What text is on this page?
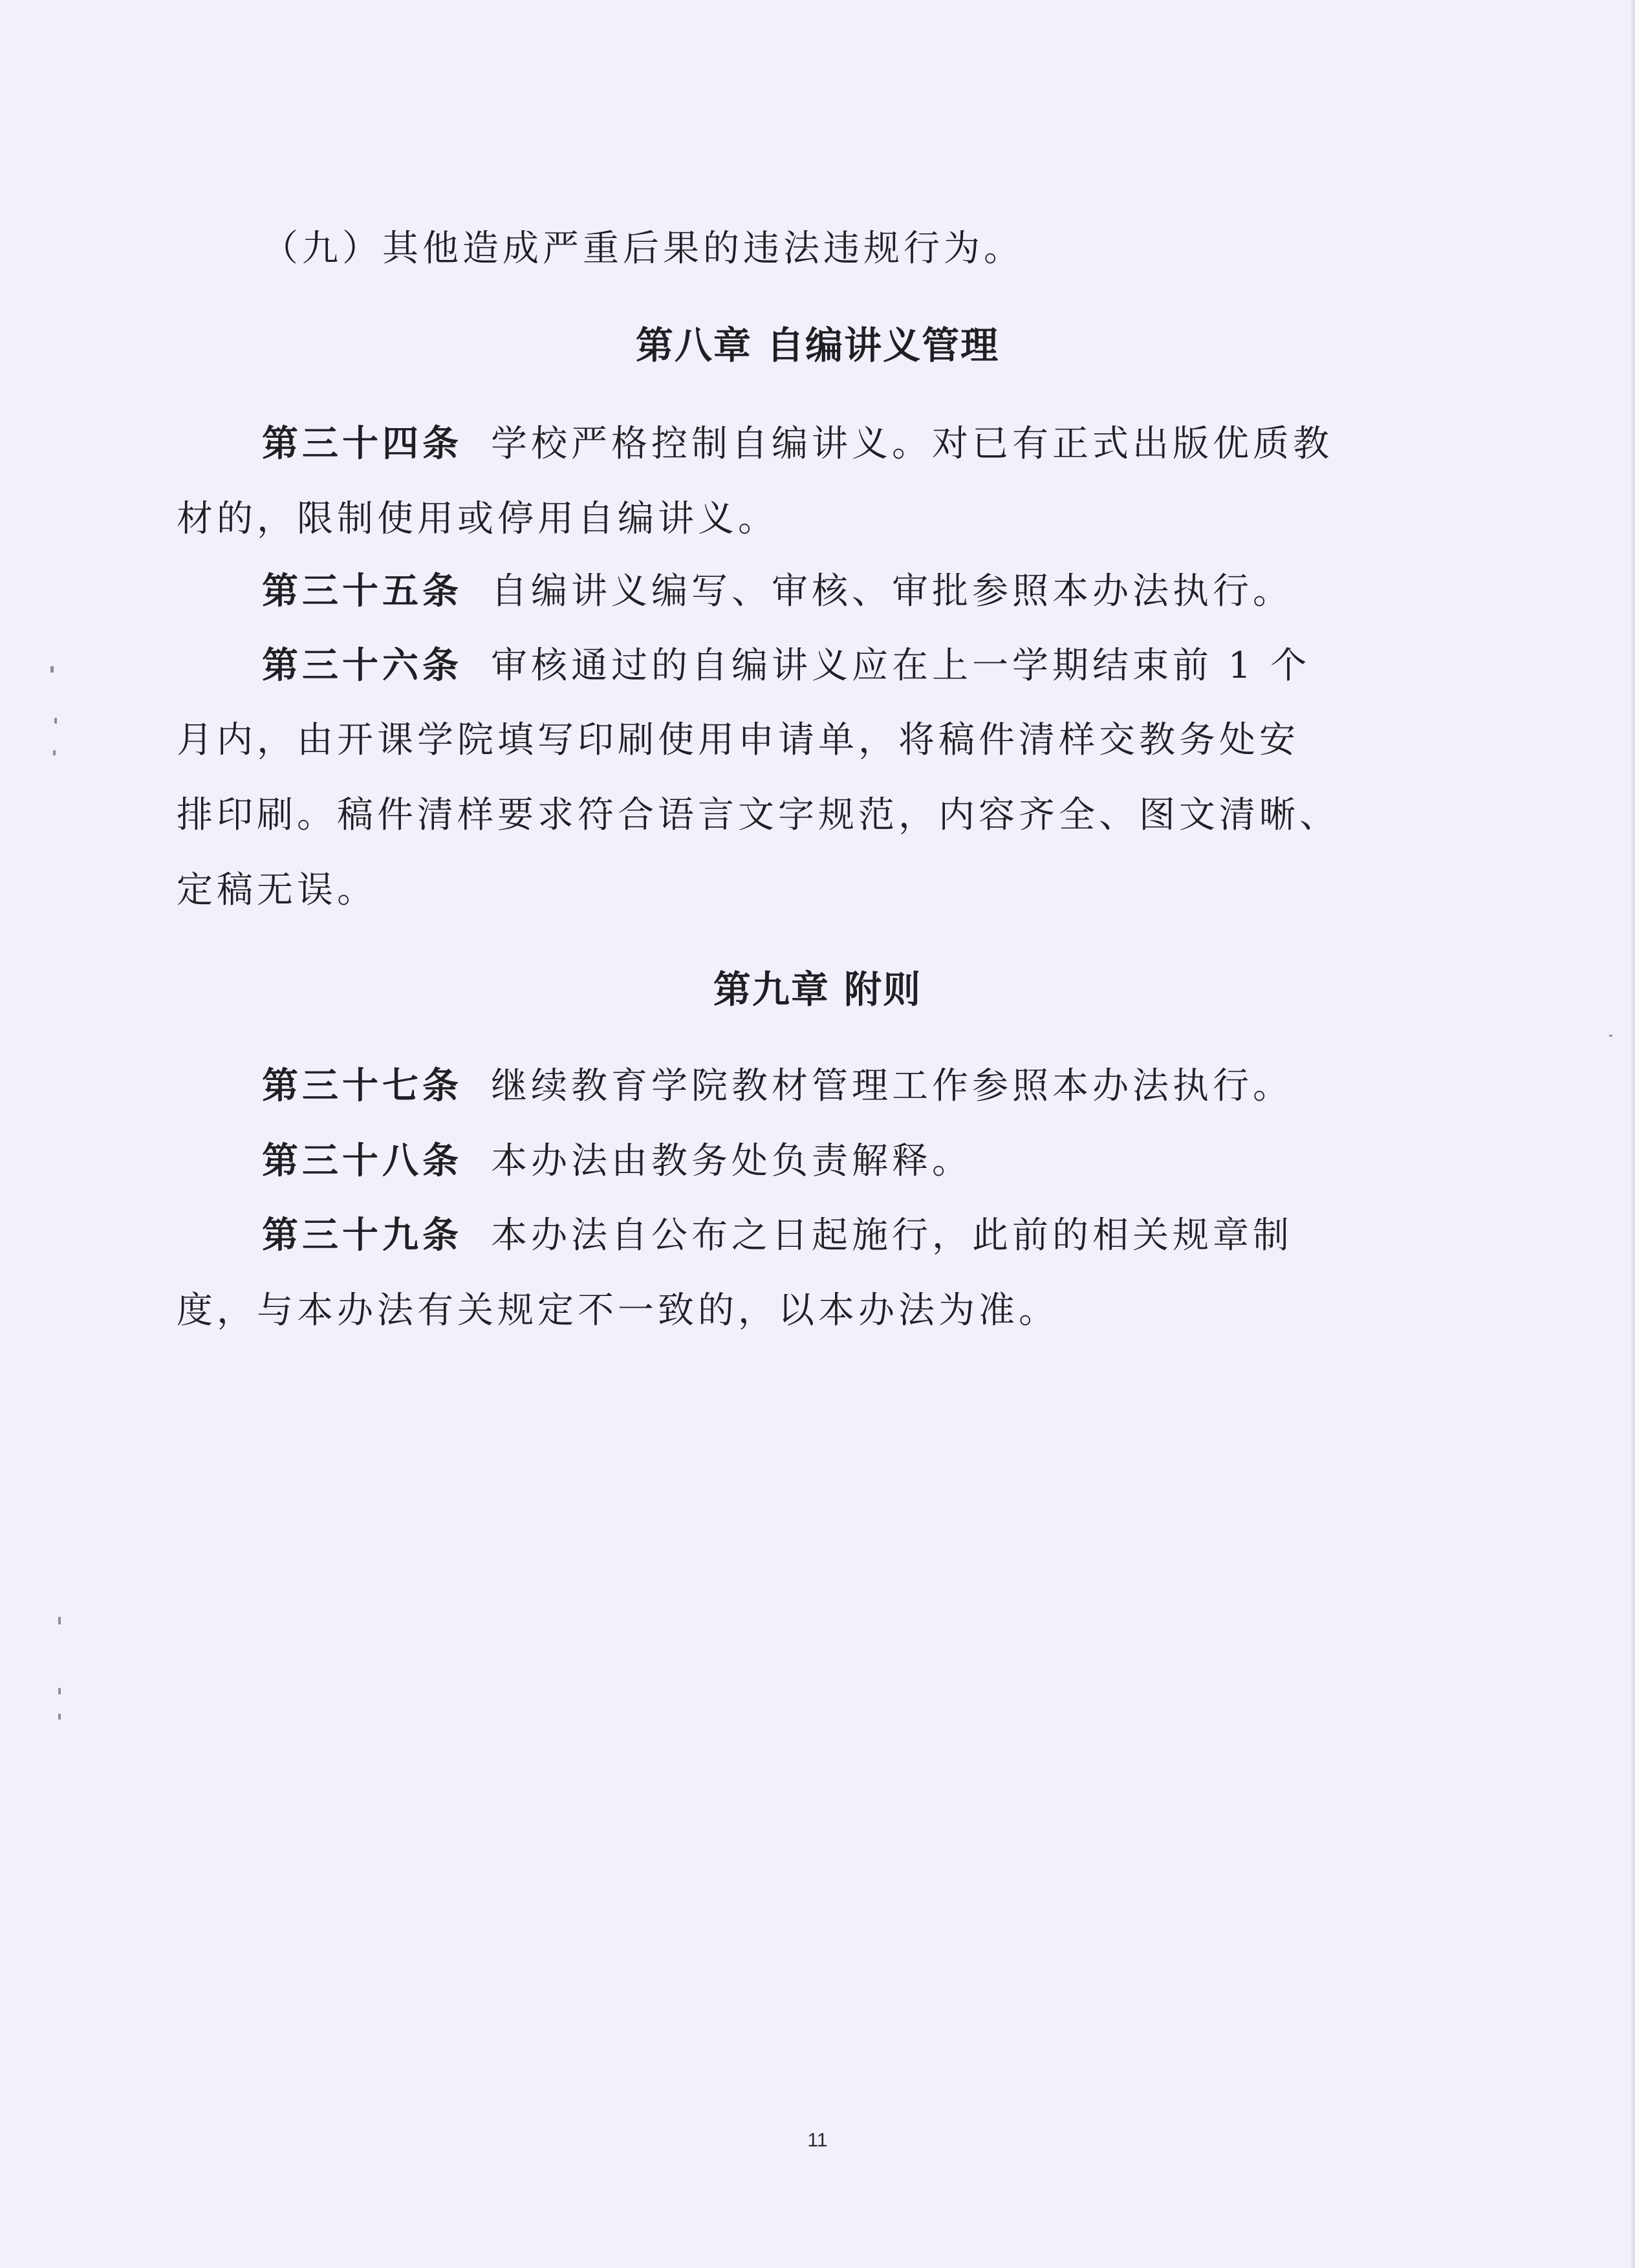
（九）其他造成严重后果的违法违规行为。
第八章 自编讲义管理
第三十四条 学校严格控制自编讲义。对已有正式出版优质教
材的，限制使用或停用自编讲义。
第三十五条 自编讲义编写、审核、审批参照本办法执行。
第三十六条 审核通过的自编讲义应在上一学期结束前 1 个
月内，由开课学院填写印刷使用申请单，将稿件清样交教务处安
排印刷。稿件清样要求符合语言文字规范，内容齐全、图文清晰、
定稿无误。
第九章 附则
第三十七条 继续教育学院教材管理工作参照本办法执行。
第三十八条 本办法由教务处负责解释。
第三十九条 本办法自公布之日起施行，此前的相关规章制
度，与本办法有关规定不一致的，以本办法为准。
11
